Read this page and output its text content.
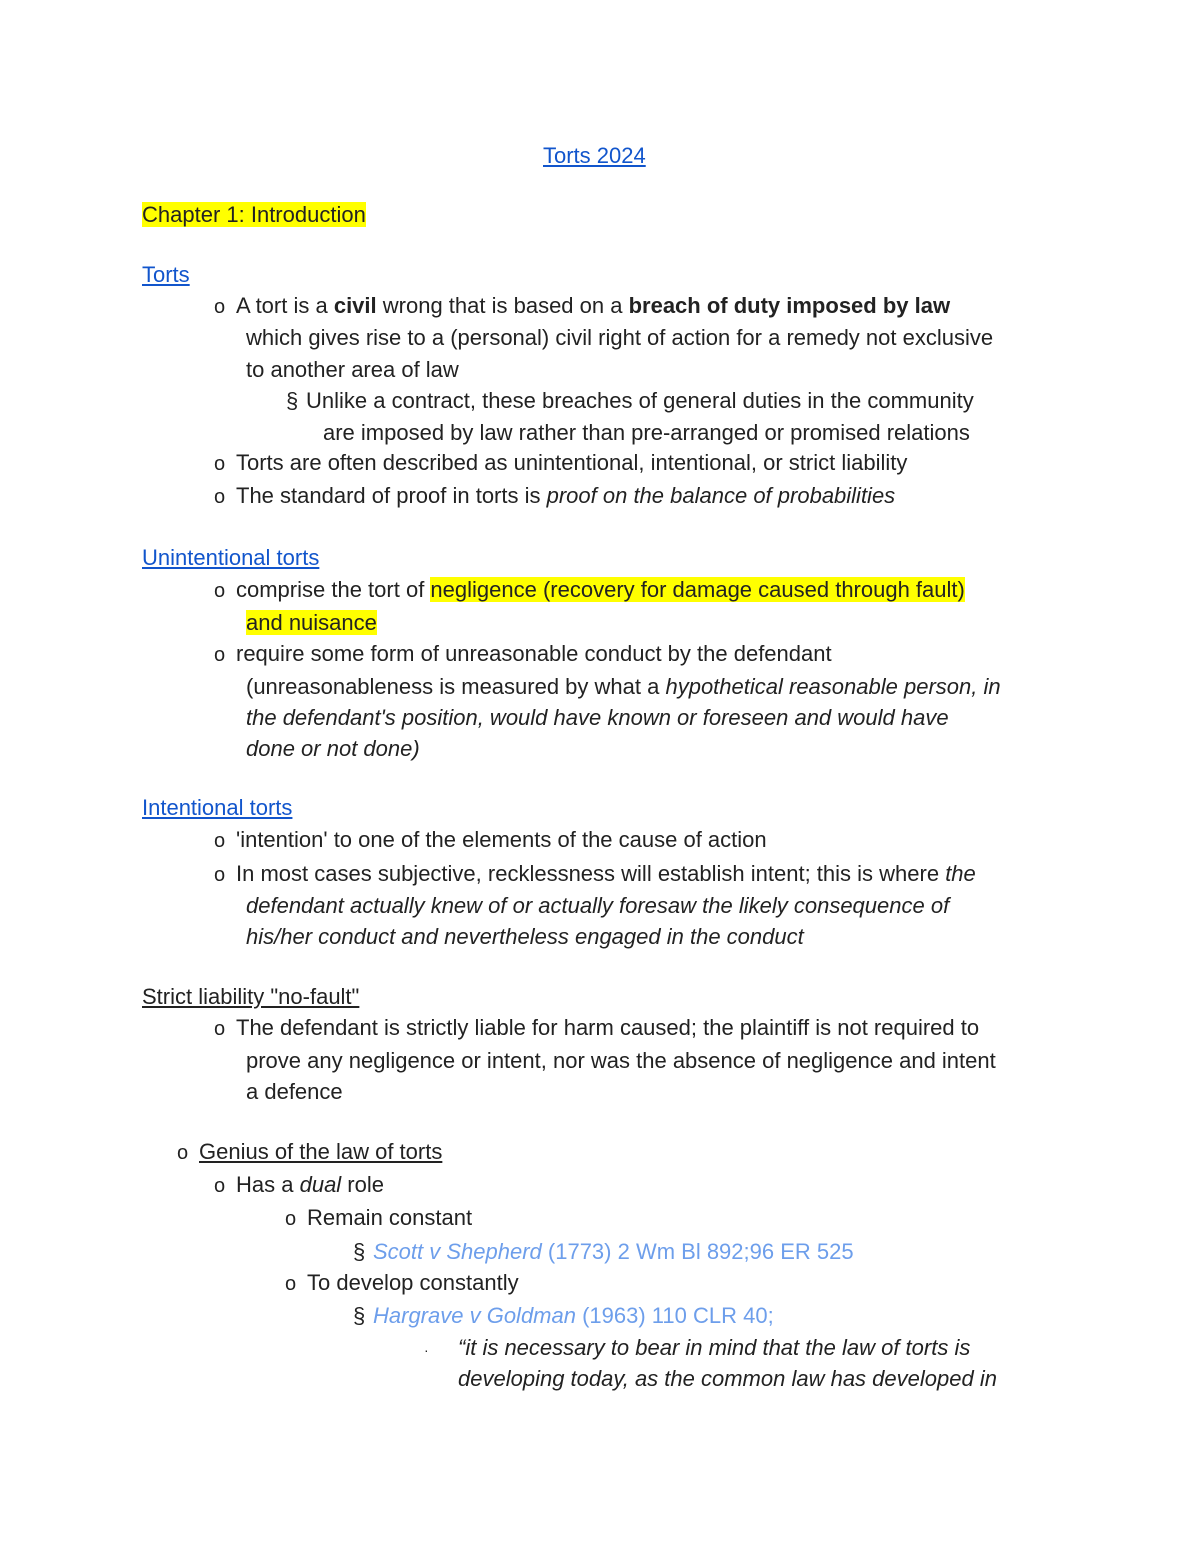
Torts 2024
Chapter 1: Introduction
Torts
o A tort is a civil wrong that is based on a breach of duty imposed by law
which gives rise to a (personal) civil right of action for a remedy not exclusive
to another area of law
§ Unlike a contract, these breaches of general duties in the community
are imposed by law rather than pre-arranged or promised relations
o Torts are often described as unintentional, intentional, or strict liability
o The standard of proof in torts is proof on the balance of probabilities
Unintentional torts
o comprise the tort of negligence (recovery for damage caused through fault)
and nuisance
o require some form of unreasonable conduct by the defendant
(unreasonableness is measured by what a hypothetical reasonable person, in
the defendant's position, would have known or foreseen and would have
done or not done)
Intentional torts
o 'intention' to one of the elements of the cause of action
o In most cases subjective, recklessness will establish intent; this is where the
defendant actually knew of or actually foresaw the likely consequence of
his/her conduct and nevertheless engaged in the conduct
Strict liability "no-fault"
o The defendant is strictly liable for harm caused; the plaintiff is not required to
prove any negligence or intent, nor was the absence of negligence and intent
a defence
o Genius of the law of torts
o Has a dual role
o Remain constant
§ Scott v Shepherd (1773) 2 Wm Bl 892;96 ER 525
o To develop constantly
§ Hargrave v Goldman (1963) 110 CLR 40;
· “it is necessary to bear in mind that the law of torts is
developing today, as the common law has developed in
